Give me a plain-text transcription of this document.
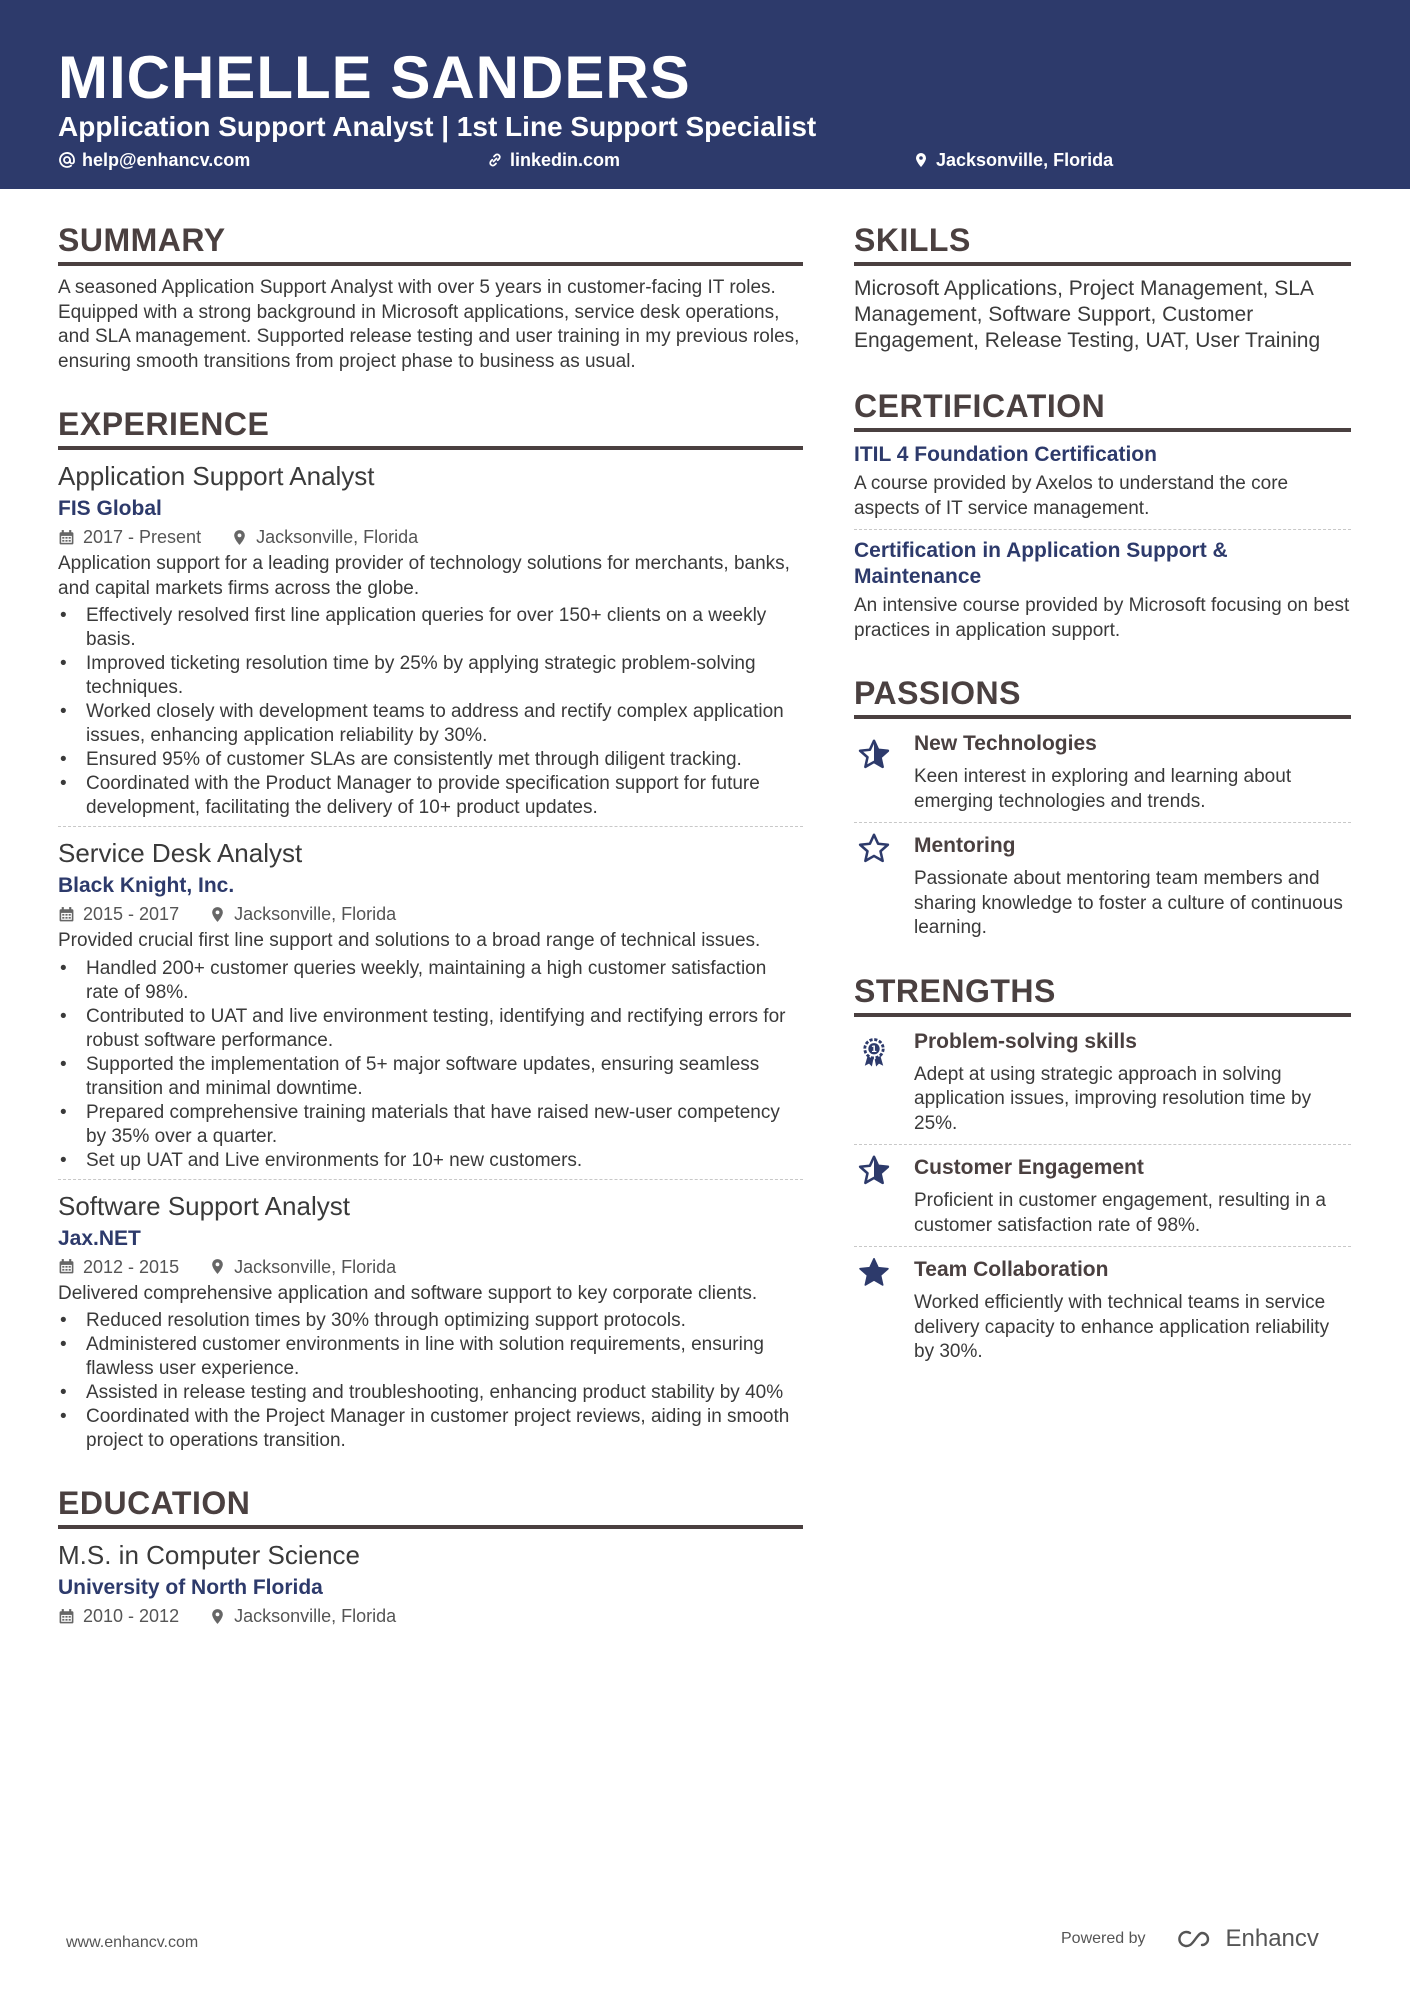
MICHELLE SANDERS
Application Support Analyst | 1st Line Support Specialist
help@enhancv.com	linkedin.com	Jacksonville, Florida
SUMMARY
A seasoned Application Support Analyst with over 5 years in customer-facing IT roles. Equipped with a strong background in Microsoft applications, service desk operations, and SLA management. Supported release testing and user training in my previous roles, ensuring smooth transitions from project phase to business as usual.
EXPERIENCE
Application Support Analyst
FIS Global
2017 - Present	Jacksonville, Florida
Application support for a leading provider of technology solutions for merchants, banks, and capital markets firms across the globe.
• Effectively resolved first line application queries for over 150+ clients on a weekly basis.
• Improved ticketing resolution time by 25% by applying strategic problem-solving techniques.
• Worked closely with development teams to address and rectify complex application issues, enhancing application reliability by 30%.
• Ensured 95% of customer SLAs are consistently met through diligent tracking.
• Coordinated with the Product Manager to provide specification support for future development, facilitating the delivery of 10+ product updates.
Service Desk Analyst
Black Knight, Inc.
2015 - 2017	Jacksonville, Florida
Provided crucial first line support and solutions to a broad range of technical issues.
• Handled 200+ customer queries weekly, maintaining a high customer satisfaction rate of 98%.
• Contributed to UAT and live environment testing, identifying and rectifying errors for robust software performance.
• Supported the implementation of 5+ major software updates, ensuring seamless transition and minimal downtime.
• Prepared comprehensive training materials that have raised new-user competency by 35% over a quarter.
• Set up UAT and Live environments for 10+ new customers.
Software Support Analyst
Jax.NET
2012 - 2015	Jacksonville, Florida
Delivered comprehensive application and software support to key corporate clients.
• Reduced resolution times by 30% through optimizing support protocols.
• Administered customer environments in line with solution requirements, ensuring flawless user experience.
• Assisted in release testing and troubleshooting, enhancing product stability by 40%
• Coordinated with the Project Manager in customer project reviews, aiding in smooth project to operations transition.
EDUCATION
M.S. in Computer Science
University of North Florida
2010 - 2012	Jacksonville, Florida
SKILLS
Microsoft Applications, Project Management, SLA Management, Software Support, Customer Engagement, Release Testing, UAT, User Training
CERTIFICATION
ITIL 4 Foundation Certification
A course provided by Axelos to understand the core aspects of IT service management.
Certification in Application Support & Maintenance
An intensive course provided by Microsoft focusing on best practices in application support.
PASSIONS
New Technologies
Keen interest in exploring and learning about emerging technologies and trends.
Mentoring
Passionate about mentoring team members and sharing knowledge to foster a culture of continuous learning.
STRENGTHS
1 Problem-solving skills
Adept at using strategic approach in solving application issues, improving resolution time by 25%.
Customer Engagement
Proficient in customer engagement, resulting in a customer satisfaction rate of 98%.
Team Collaboration
Worked efficiently with technical teams in service delivery capacity to enhance application reliability by 30%.
www.enhancv.com	Powered by	Enhancv
